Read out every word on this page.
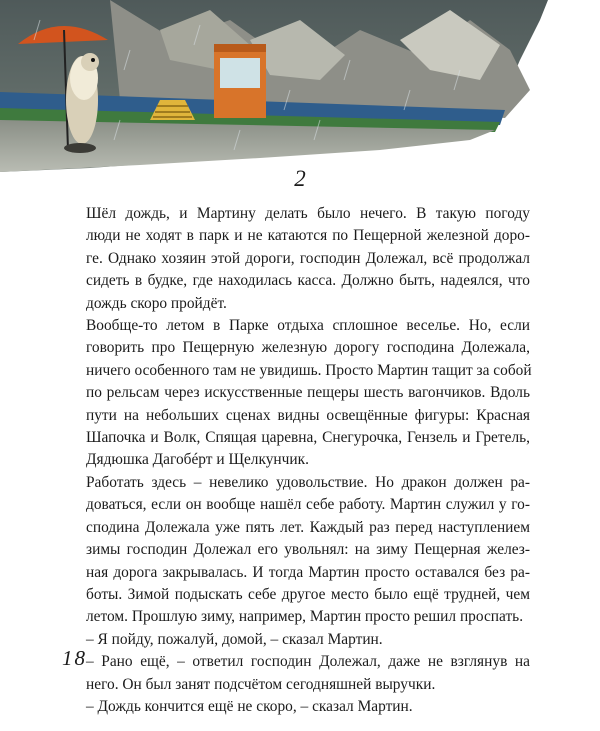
2

Шёл дождь, и Мартину делать было нечего. В такую погоду

люди не ходят в парк и не катаются по Пещерной железной доро-

ге. Однако хозяин этой дороги, господин Долежал, всё продолжал

сидеть в будке, где находилась касса. Должно быть, надеялся, что

дождь скоро пройдёт.

Вообще-то летом в Парке отдыха сплошное веселье. Но, если

говорить про Пещерную железную дорогу господина Долежала,

ничего особенного там не увидишь. Просто Мартин тащит за собой

по рельсам через искусственные пещеры шесть вагончиков. Вдоль

пути на небольших сценах видны освещённые фигуры: Красная

Шапочка и Волк, Спящая царевна, Снегурочка, Гензель и Гретель,

Дядюшка Дагобéрт и Щелкунчик.

Работать здесь – невелико удовольствие. Но дракон должен ра-

доваться, если он вообще нашёл себе работу. Мартин служил у го-

сподина Долежала уже пять лет. Каждый раз перед наступлением

зимы господин Долежал его увольнял: на зиму Пещерная желез-

ная дорога закрывалась. И тогда Мартин просто оставался без ра-

боты. Зимой подыскать себе другое место было ещё трудней, чем

летом. Прошлую зиму, например, Мартин просто решил проспать.

– Я пойду, пожалуй, домой, – сказал Мартин.

– Рано ещё, – ответил господин Долежал, даже не взглянув на

него. Он был занят подсчётом сегодняшней выручки.

– Дождь кончится ещё не скоро, – сказал Мартин.

18
